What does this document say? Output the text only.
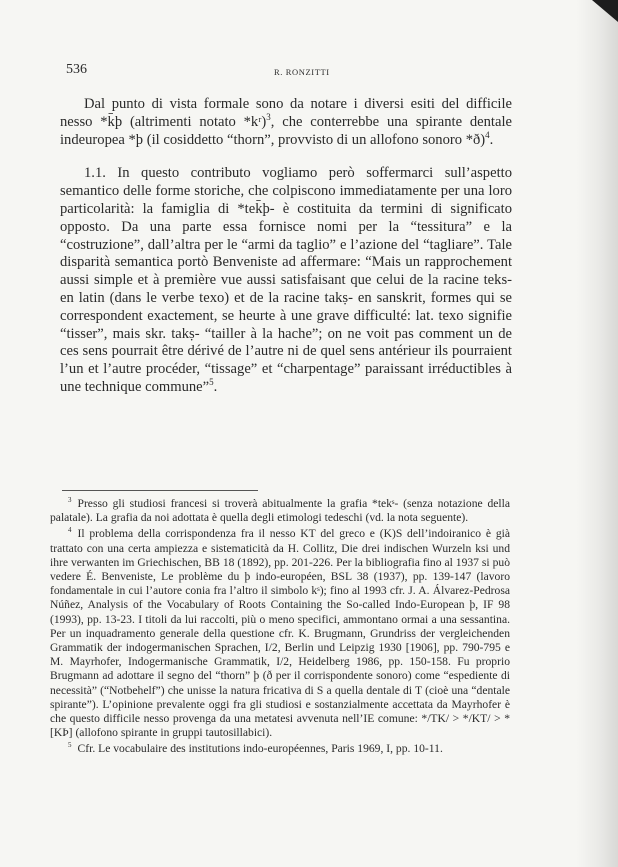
536	R. RONZITTI

Dal punto di vista formale sono da notare i diversi esiti del difficile nesso *k̄þ (altrimenti notato *kʳ)$^3$, che conterrebbe una spirante dentale indeuropea *þ (il cosiddetto “thorn”, provvisto di un allofono sonoro *ð)$^4$.

1.1. In questo contributo vogliamo però soffermarci sull’aspetto semantico delle forme storiche, che colpiscono immediatamente per una loro particolarità: la famiglia di *tek̄þ- è costituita da termini di significato opposto. Da una parte essa fornisce nomi per la “tessitura” e la “costruzione”, dall’altra per le “armi da taglio” e l’azione del “tagliare”. Tale disparità semantica portò Benveniste ad affermare: “Mais un rapprochement aussi simple et à première vue aussi satisfaisant que celui de la racine teks- en latin (dans le verbe texo) et de la racine takṣ- en sanskrit, formes qui se correspondent exactement, se heurte à une grave difficulté: lat. texo signifie “tisser”, mais skr. takṣ- “tailler à la hache”; on ne voit pas comment un de ces sens pourrait être dérivé de l’autre ni de quel sens antérieur ils pourraient l’un et l’autre procéder, “tissage” et “charpentage” paraissant irréductibles à une technique commune”$^5$.

$^3$ Presso gli studiosi francesi si troverà abitualmente la grafia *tekˢ- (senza notazione della palatale). La grafia da noi adottata è quella degli etimologi tedeschi (vd. la nota seguente).

$^4$ Il problema della corrispondenza fra il nesso KT del greco e (K)S dell’indoiranico è già trattato con una certa ampiezza e sistematicità da H. Collitz, Die drei indischen Wurzeln ksi und ihre verwanten im Griechischen, BB 18 (1892), pp. 201-226. Per la bibliografia fino al 1937 si può vedere É. Benveniste, Le problème du þ indo-européen, BSL 38 (1937), pp. 139-147 (lavoro fondamentale in cui l’autore conia fra l’altro il simbolo kˢ); fino al 1993 cfr. J. A. Álvarez-Pedrosa Núñez, Analysis of the Vocabulary of Roots Containing the So-called Indo-European þ, IF 98 (1993), pp. 13-23. I titoli da lui raccolti, più o meno specifici, ammontano ormai a una sessantina. Per un inquadramento generale della questione cfr. K. Brugmann, Grundriss der vergleichenden Grammatik der indogermanischen Sprachen, I/2, Berlin und Leipzig 1930 [1906], pp. 790-795 e M. Mayrhofer, Indogermanische Grammatik, I/2, Heidelberg 1986, pp. 150-158. Fu proprio Brugmann ad adottare il segno del “thorn” þ (ð per il corrispondente sonoro) come “espediente di necessità” (“Notbehelf”) che unisse la natura fricativa di S a quella dentale di T (cioè una “dentale spirante”). L’opinione prevalente oggi fra gli studiosi e sostanzialmente accettata da Mayrhofer è che questo difficile nesso provenga da una metatesi avvenuta nell’IE comune: */TK/ > */KT/ > *[KÞ] (allofono spirante in gruppi tautosillabici).

$^5$ Cfr. Le vocabulaire des institutions indo-européennes, Paris 1969, I, pp. 10-11.
